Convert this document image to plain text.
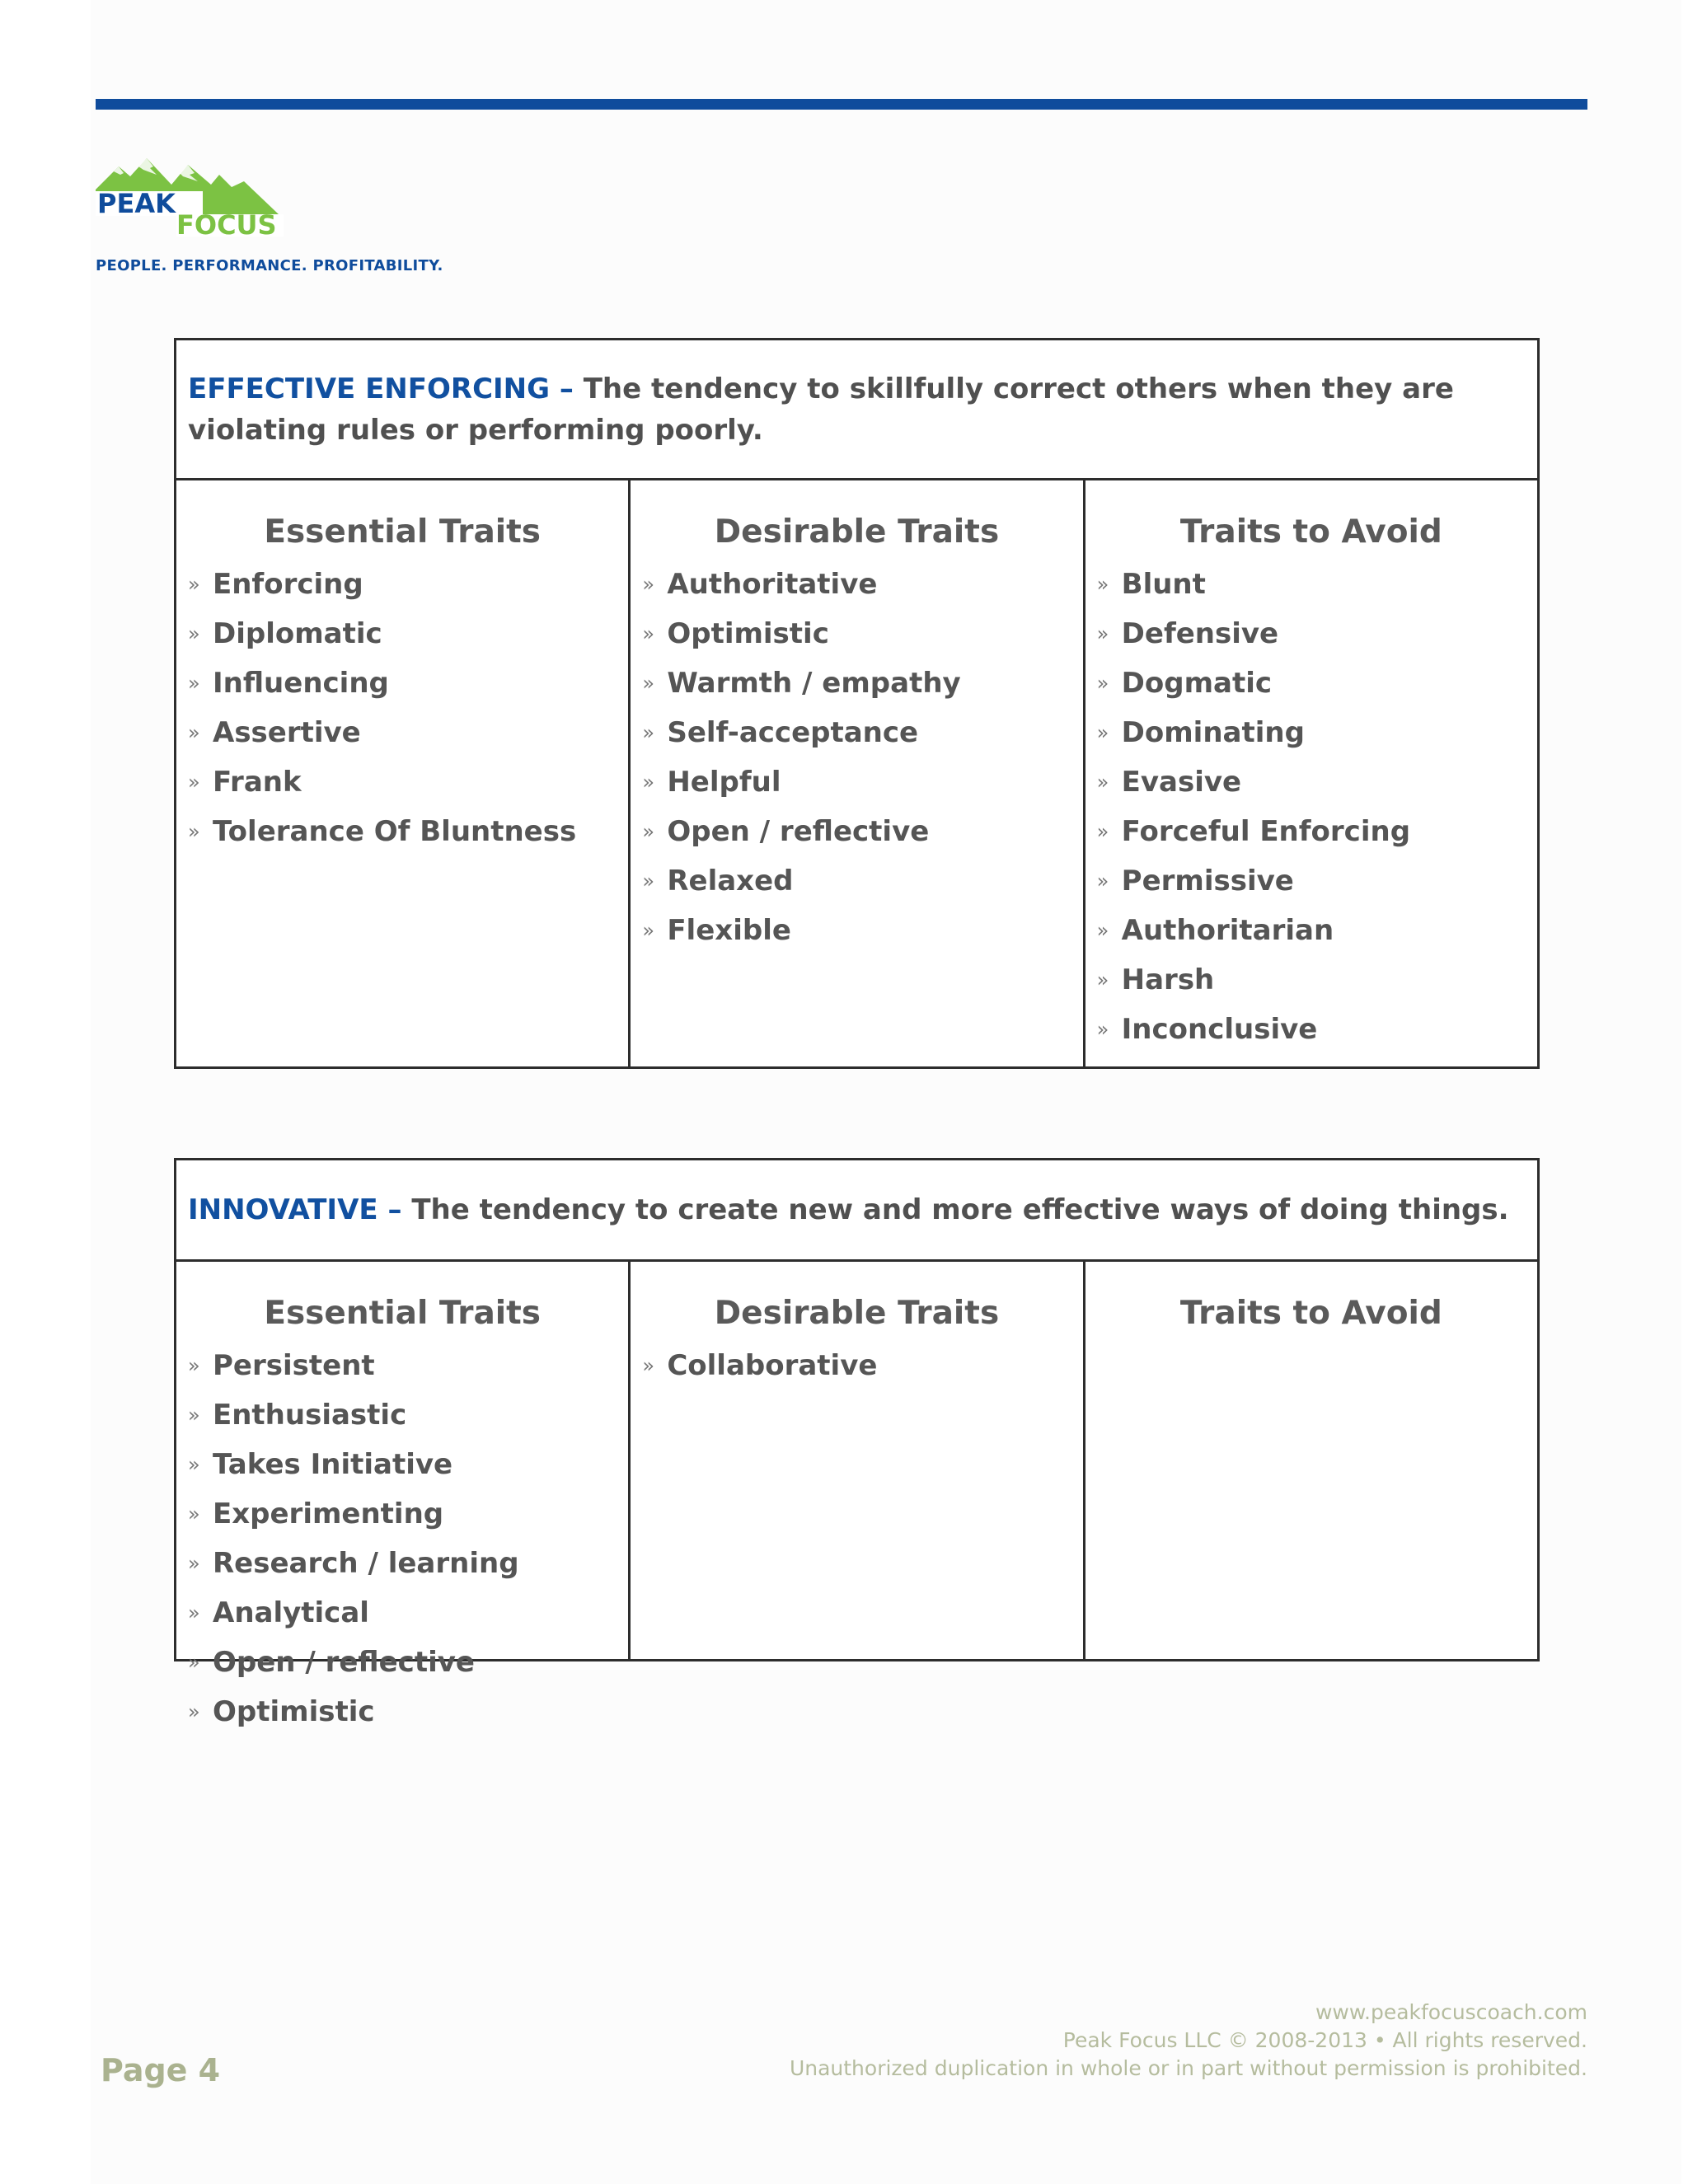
PEAK
FOCUS
PEOPLE. PERFORMANCE. PROFITABILITY.
EFFECTIVE ENFORCING – The tendency to skillfully correct others when they are violating rules or performing poorly.
Essential Traits
» Enforcing
» Diplomatic
» Influencing
» Assertive
» Frank
» Tolerance Of Bluntness
Desirable Traits
» Authoritative
» Optimistic
» Warmth / empathy
» Self-acceptance
» Helpful
» Open / reflective
» Relaxed
» Flexible
Traits to Avoid
» Blunt
» Defensive
» Dogmatic
» Dominating
» Evasive
» Forceful Enforcing
» Permissive
» Authoritarian
» Harsh
» Inconclusive
INNOVATIVE – The tendency to create new and more effective ways of doing things.
Essential Traits
» Persistent
» Enthusiastic
» Takes Initiative
» Experimenting
» Research / learning
» Analytical
» Open / reflective
» Optimistic
Desirable Traits
» Collaborative
Traits to Avoid
Page 4
www.peakfocuscoach.com
Peak Focus LLC © 2008-2013 • All rights reserved.
Unauthorized duplication in whole or in part without permission is prohibited.
